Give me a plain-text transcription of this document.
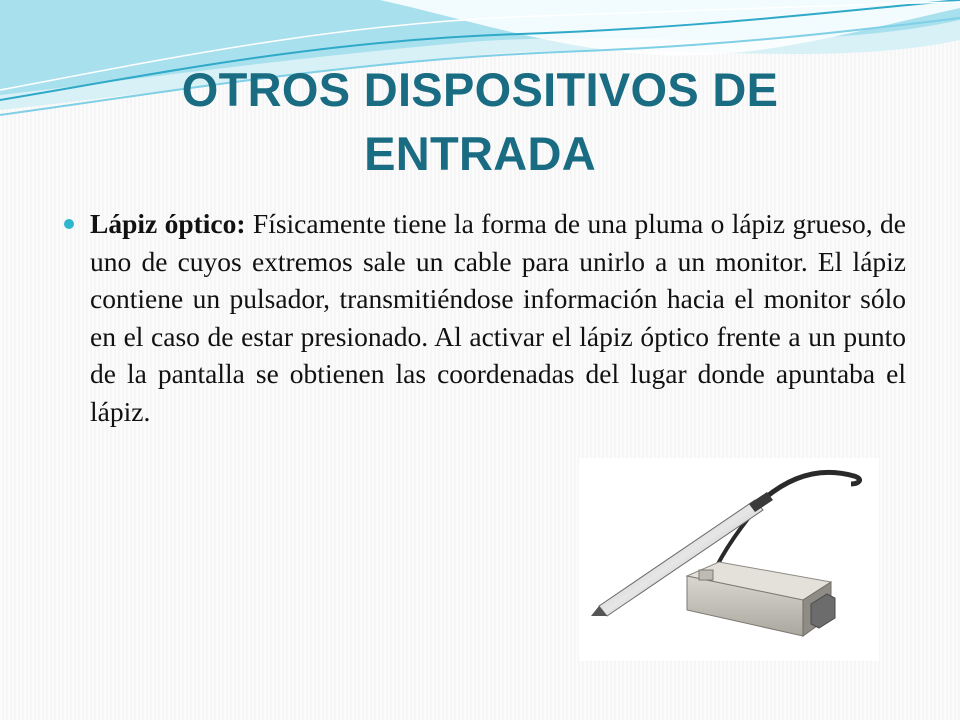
OTROS DISPOSITIVOS DE ENTRADA

Lápiz óptico: Físicamente tiene la forma de una pluma o lápiz grueso, de uno de cuyos extremos sale un cable para unirlo a un monitor. El lápiz contiene un pulsador, transmitiéndose información hacia el monitor sólo en el caso de estar presionado. Al activar el lápiz óptico frente a un punto de la pantalla se obtienen las coordenadas del lugar donde apuntaba el lápiz.
